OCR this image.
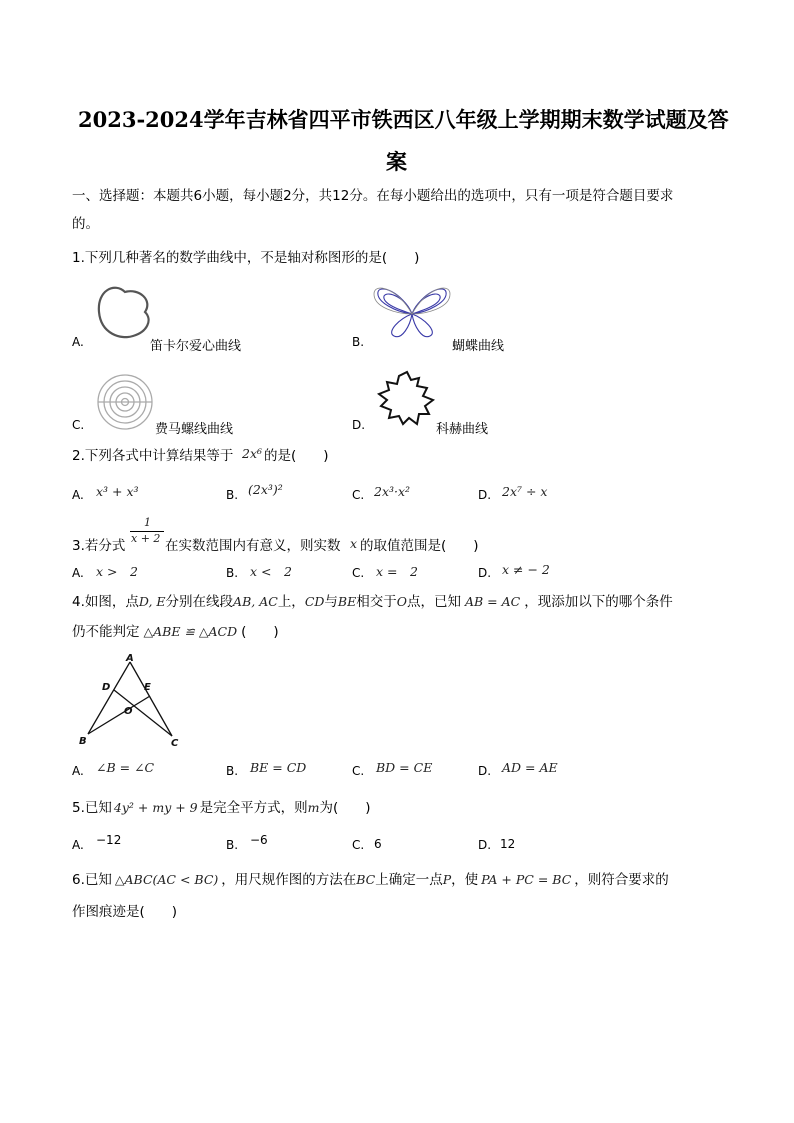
2023-2024学年吉林省四平市铁西区八年级上学期期末数学试题及答
案
一、选择题：本题共6小题，每小题2分，共12分。在每小题给出的选项中，只有一项是符合题目要求
的。
1.下列几种著名的数学曲线中，不是轴对称图形的是(　　)
A.	笛卡尔爱心曲线	B.	蝴蝶曲线
C.	费马螺线曲线	D.	科赫曲线
2.下列各式中计算结果等于 2x⁶ 的是(　　)
A. x³ + x³	B. (2x³)²	C. 2x³·x²	D. 2x⁷ ÷ x
3.若分式
1
x + 2 在实数范围内有意义，则实数 x 的取值范围是(　　)
A. x >　2	B. x <　2	C. x =　2	D. x ≠ − 2
4.如图，点D, E分别在线段AB, AC上，CD与BE相交于O点，已知 AB = AC ，现添加以下的哪个条件
仍不能判定 △ABE ≌ △ACD (　　)
A
D	E
O
B	C
A. ∠B = ∠C	B. BE = CD	C. BD = CE	D. AD = AE
5.已知 4y² + my + 9 是完全平方式，则m为(　　)
A. −12	B. −6	C. 6	D. 12
6.已知 △ABC(AC < BC) ，用尺规作图的方法在BC上确定一点P，使 PA + PC = BC ，则符合要求的
作图痕迹是(　　)
